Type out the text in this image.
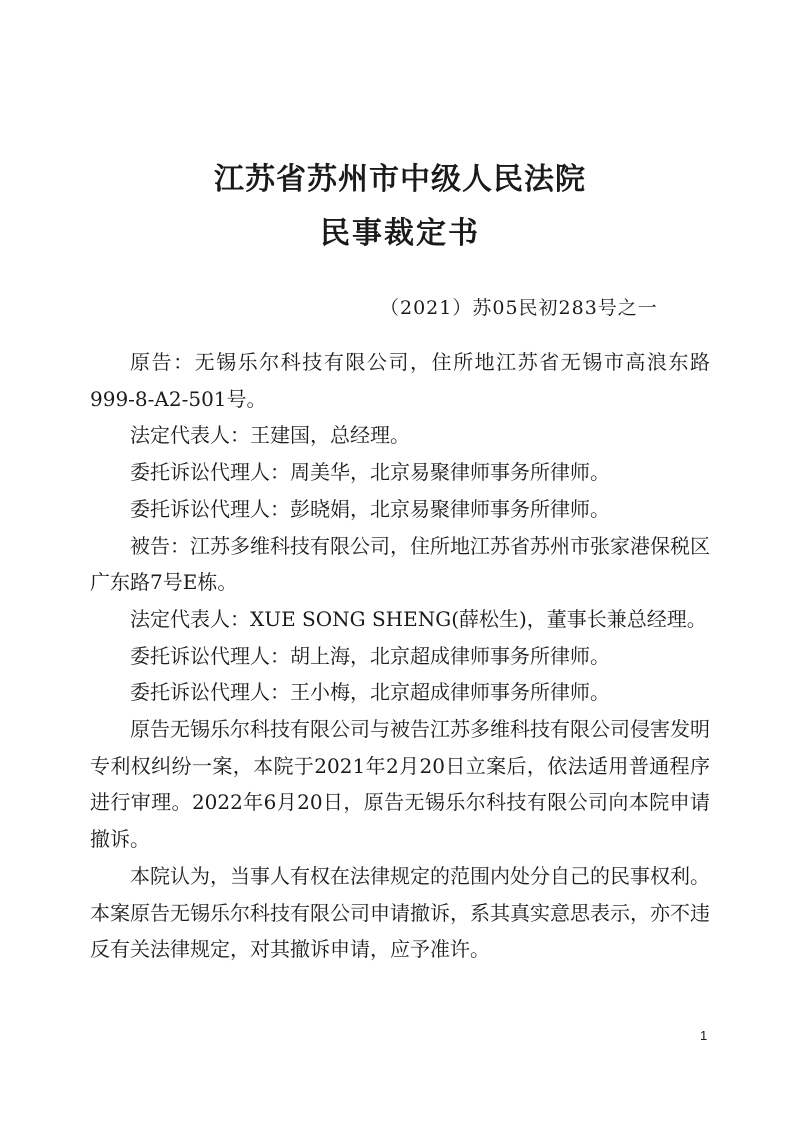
江苏省苏州市中级人民法院
民事裁定书
（2021）苏05民初283号之一

原告：无锡乐尔科技有限公司，住所地江苏省无锡市高浪东路999-8-A2-501号。

法定代表人：王建国，总经理。

委托诉讼代理人：周美华，北京易聚律师事务所律师。

委托诉讼代理人：彭晓娟，北京易聚律师事务所律师。

被告：江苏多维科技有限公司，住所地江苏省苏州市张家港保税区广东路7号E栋。

法定代表人：XUE SONG SHENG(薛松生)，董事长兼总经理。

委托诉讼代理人：胡上海，北京超成律师事务所律师。

委托诉讼代理人：王小梅，北京超成律师事务所律师。

原告无锡乐尔科技有限公司与被告江苏多维科技有限公司侵害发明专利权纠纷一案，本院于2021年2月20日立案后，依法适用普通程序进行审理。2022年6月20日，原告无锡乐尔科技有限公司向本院申请撤诉。

本院认为，当事人有权在法律规定的范围内处分自己的民事权利。本案原告无锡乐尔科技有限公司申请撤诉，系其真实意思表示，亦不违反有关法律规定，对其撤诉申请，应予准许。

1
